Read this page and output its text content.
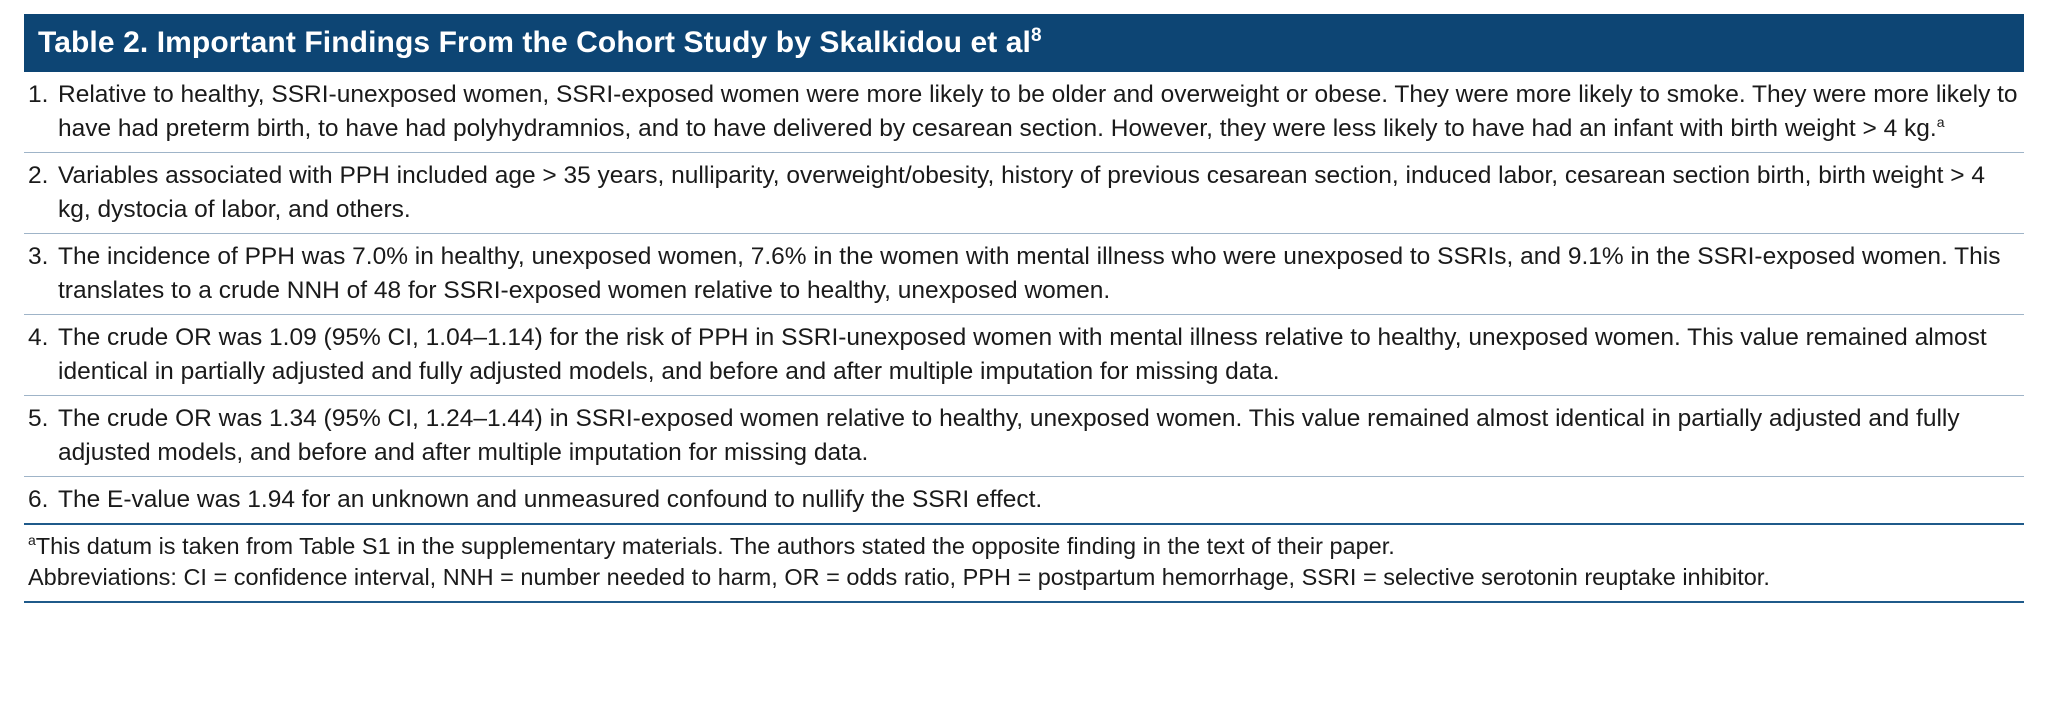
Table 2. Important Findings From the Cohort Study by Skalkidou et $al^8$
1. Relative to healthy, SSRI-unexposed women, SSRI-exposed women were more likely to be older and overweight or obese. They were more likely to smoke. They were more likely to have had preterm birth, to have had polyhydramnios, and to have delivered by cesarean section. However, they were less likely to have had an infant with birth weight > 4 kg.$^a$
2. Variables associated with PPH included age > 35 years, nulliparity, overweight/obesity, history of previous cesarean section, induced labor, cesarean section birth, birth weight > 4 kg, dystocia of labor, and others.
3. The incidence of PPH was 7.0% in healthy, unexposed women, 7.6% in the women with mental illness who were unexposed to SSRIs, and 9.1% in the SSRI-exposed women. This translates to a crude NNH of 48 for SSRI-exposed women relative to healthy, unexposed women.
4. The crude OR was 1.09 (95% CI, 1.04–1.14) for the risk of PPH in SSRI-unexposed women with mental illness relative to healthy, unexposed women. This value remained almost identical in partially adjusted and fully adjusted models, and before and after multiple imputation for missing data.
5. The crude OR was 1.34 (95% CI, 1.24–1.44) in SSRI-exposed women relative to healthy, unexposed women. This value remained almost identical in partially adjusted and fully adjusted models, and before and after multiple imputation for missing data.
6. The E-value was 1.94 for an unknown and unmeasured confound to nullify the SSRI effect.
$^a$This datum is taken from Table S1 in the supplementary materials. The authors stated the opposite finding in the text of their paper.
Abbreviations: CI = confidence interval, NNH = number needed to harm, OR = odds ratio, PPH = postpartum hemorrhage, SSRI = selective serotonin reuptake inhibitor.
